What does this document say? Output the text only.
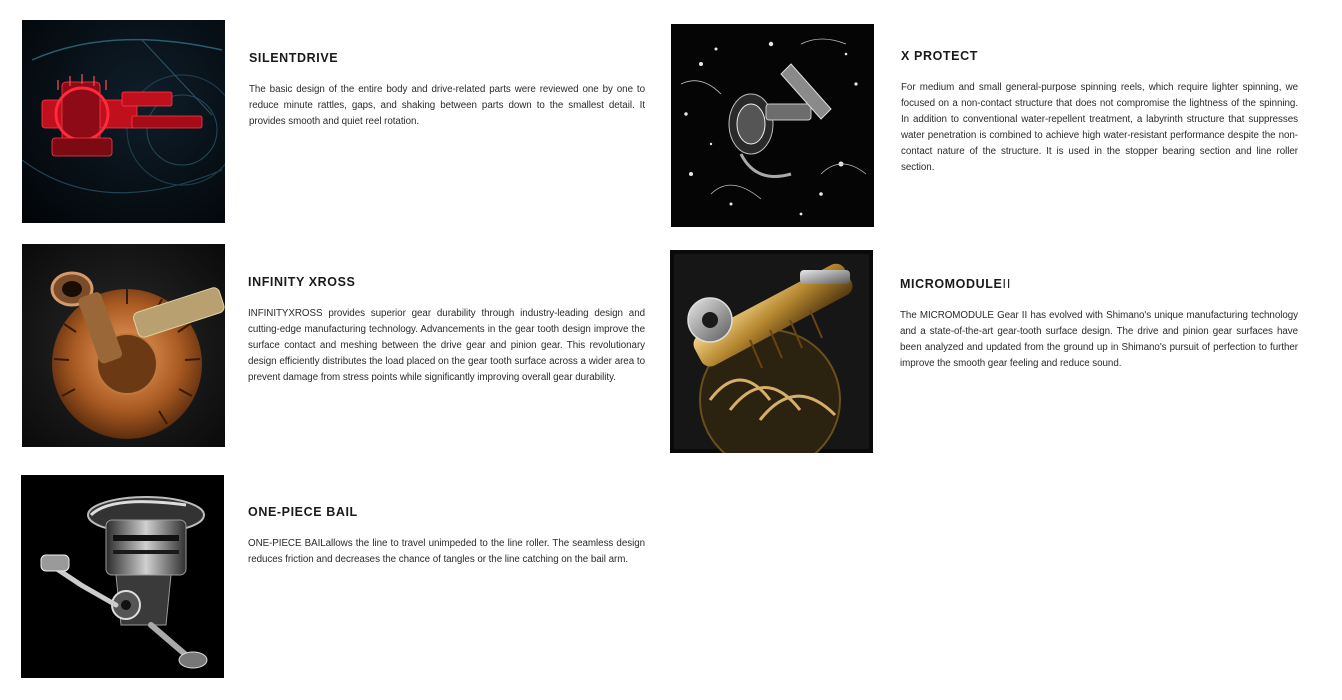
SILENTDRIVE

The basic design of the entire body and drive-related parts were reviewed one by one to reduce minute rattles, gaps, and shaking between parts down to the smallest detail. It provides smooth and quiet reel rotation.

X PROTECT

For medium and small general-purpose spinning reels, which require lighter spinning, we focused on a non-contact structure that does not compromise the lightness of the spinning. In addition to conventional water-repellent treatment, a labyrinth structure that suppresses water penetration is combined to achieve high water-resistant performance despite the non-contact nature of the structure. It is used in the stopper bearing section and line roller section.

INFINITY XROSS

INFINITYXROSS provides superior gear durability through industry-leading design and cutting-edge manufacturing technology. Advancements in the gear tooth design improve the surface contact and meshing between the drive gear and pinion gear. This revolutionary design efficiently distributes the load placed on the gear tooth surface across a wider area to prevent damage from stress points while significantly improving overall gear durability.

MICROMODULEII

The MICROMODULE Gear II has evolved with Shimano's unique manufacturing technology and a state-of-the-art gear-tooth surface design. The drive and pinion gear surfaces have been analyzed and updated from the ground up in Shimano's pursuit of perfection to further improve the smooth gear feeling and reduce sound.

ONE-PIECE BAIL

ONE-PIECE BAILallows the line to travel unimpeded to the line roller. The seamless design reduces friction and decreases the chance of tangles or the line catching on the bail arm.
